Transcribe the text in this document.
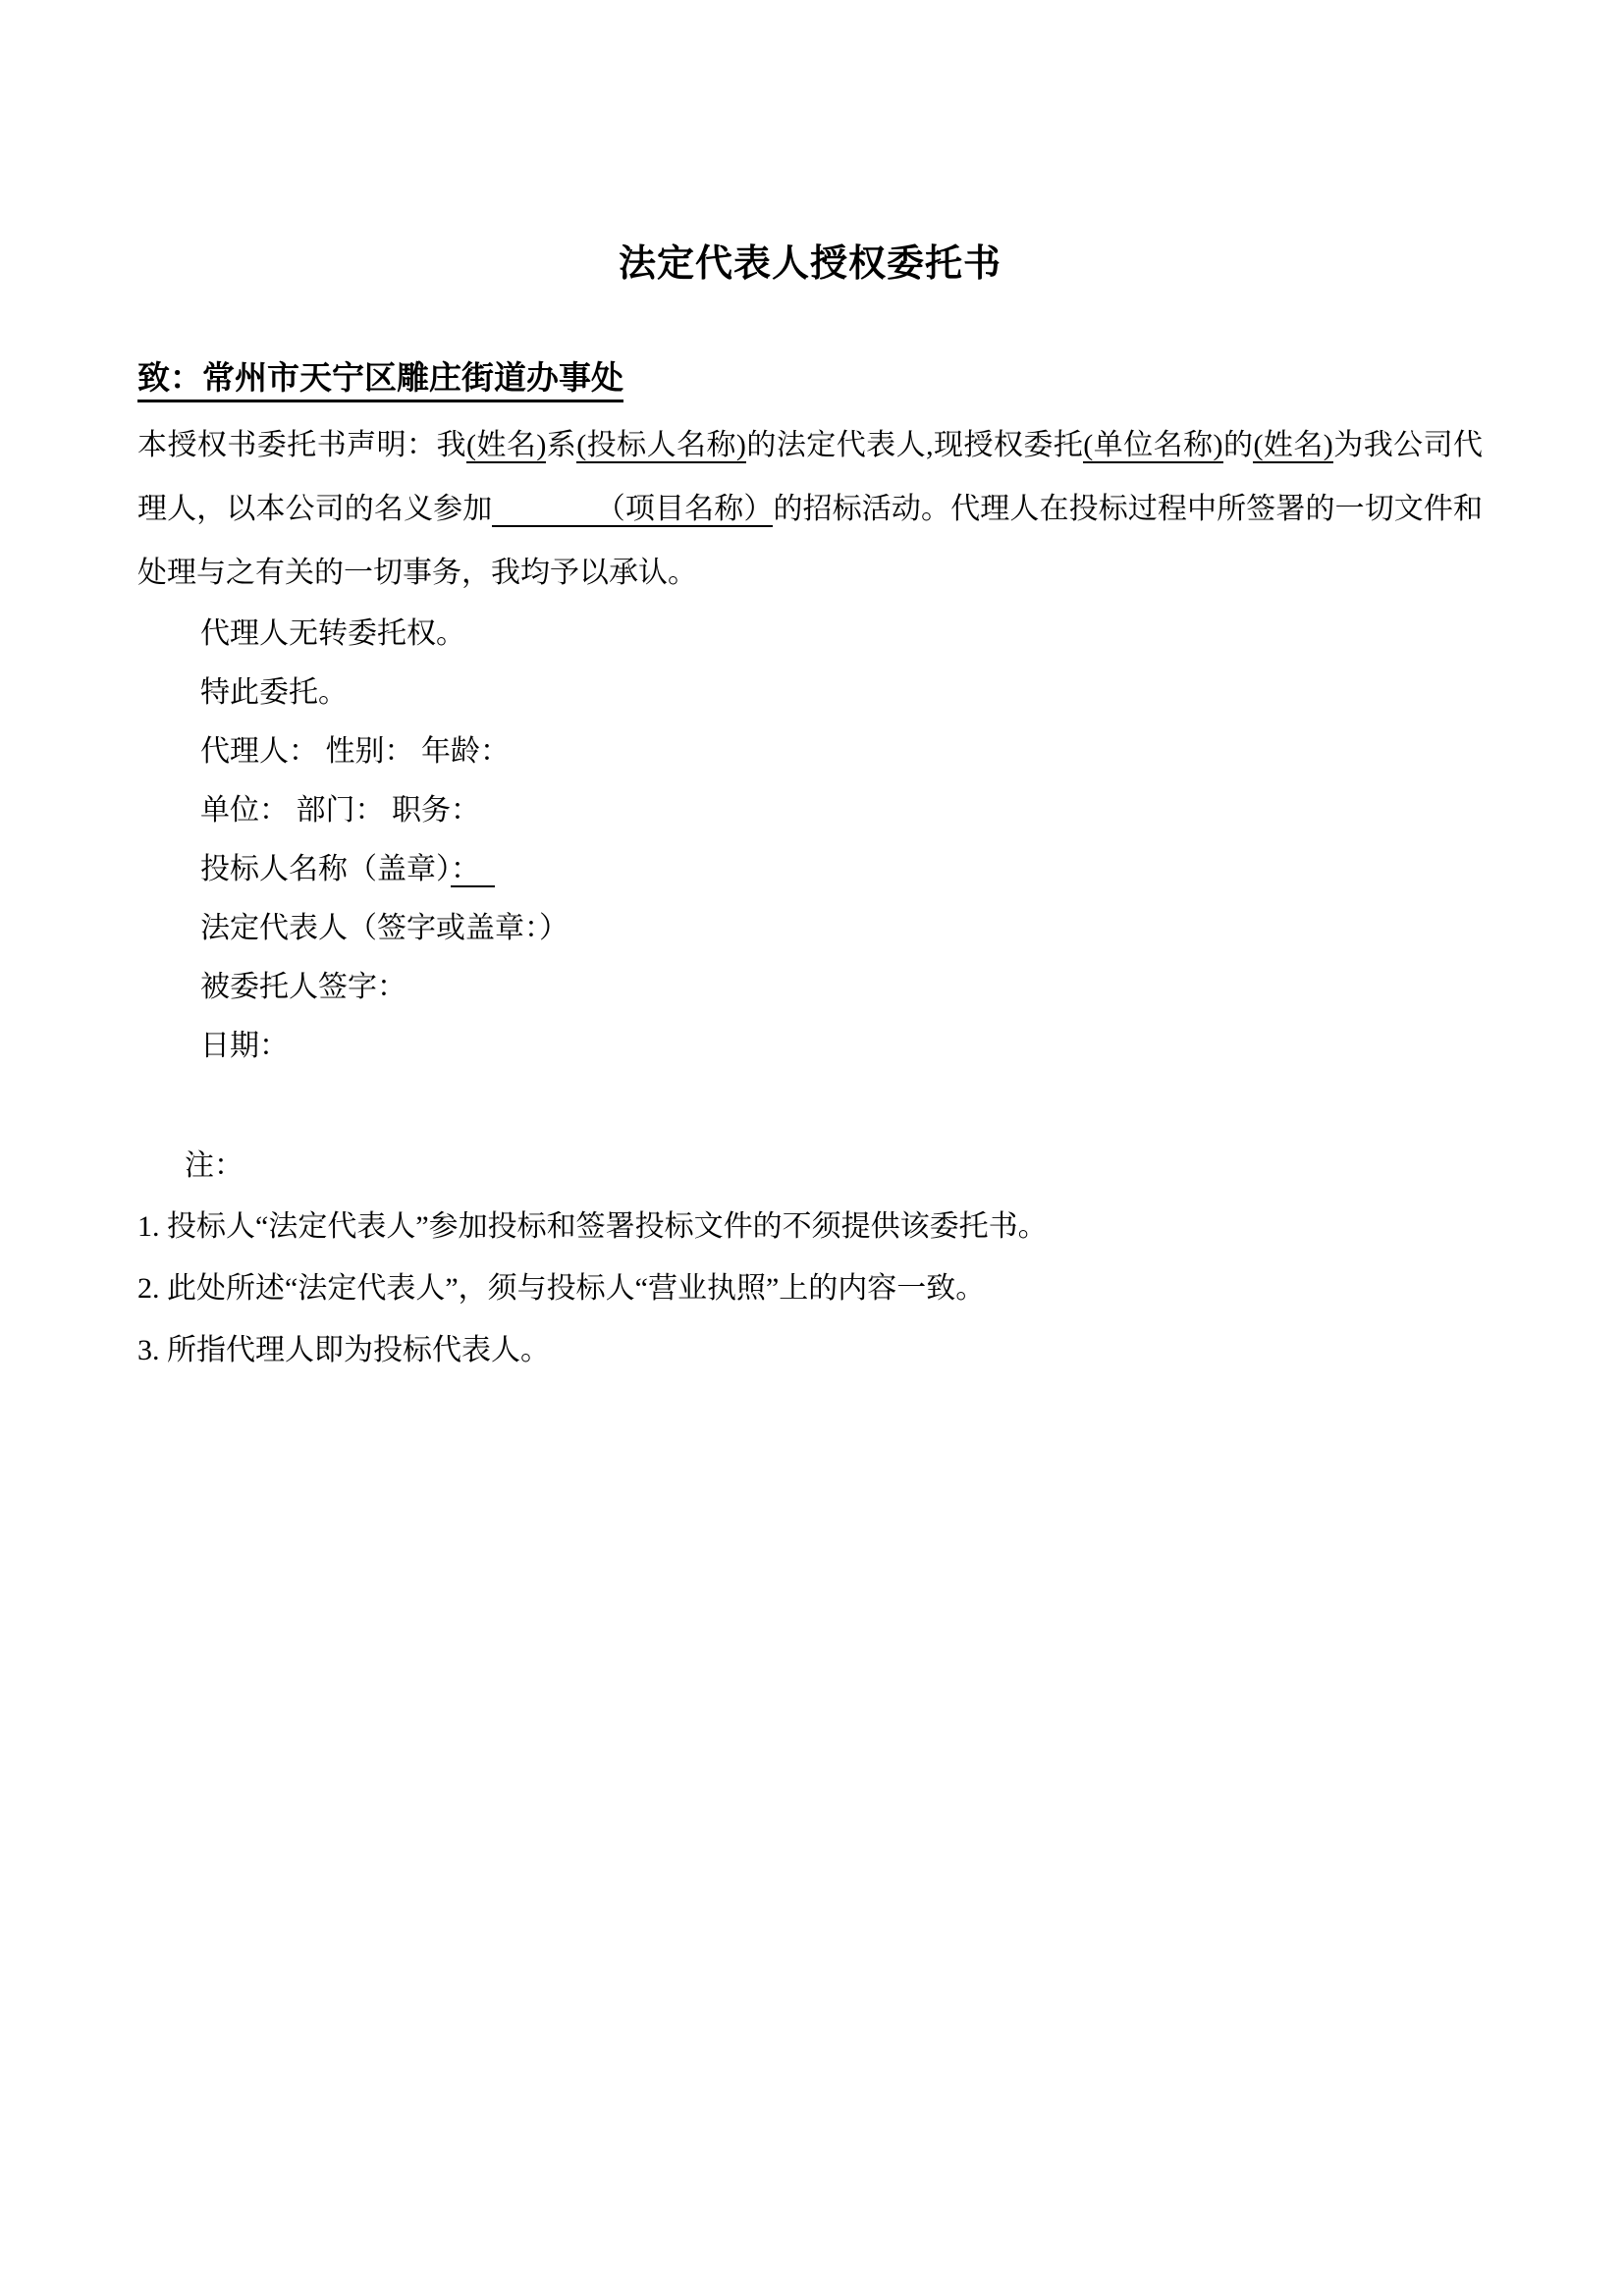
法定代表人授权委托书
致：常州市天宁区雕庄街道办事处

本授权书委托书声明：我(姓名)系(投标人名称)的法定代表人,现授权委托(单位名称)的(姓名)为我公司代理人，以本公司的名义参加　　　　（项目名称）的招标活动。代理人在投标过程中所签署的一切文件和处理与之有关的一切事务，我均予以承认。

代理人无转委托权。
特此委托。
代理人： 性别： 年龄：
单位： 部门： 职务：
投标人名称（盖章）：　
法定代表人（签字或盖章：）
被委托人签字：
日期：
注：
1. 投标人“法定代表人”参加投标和签署投标文件的不须提供该委托书。
2. 此处所述“法定代表人”，须与投标人“营业执照”上的内容一致。
3. 所指代理人即为投标代表人。
